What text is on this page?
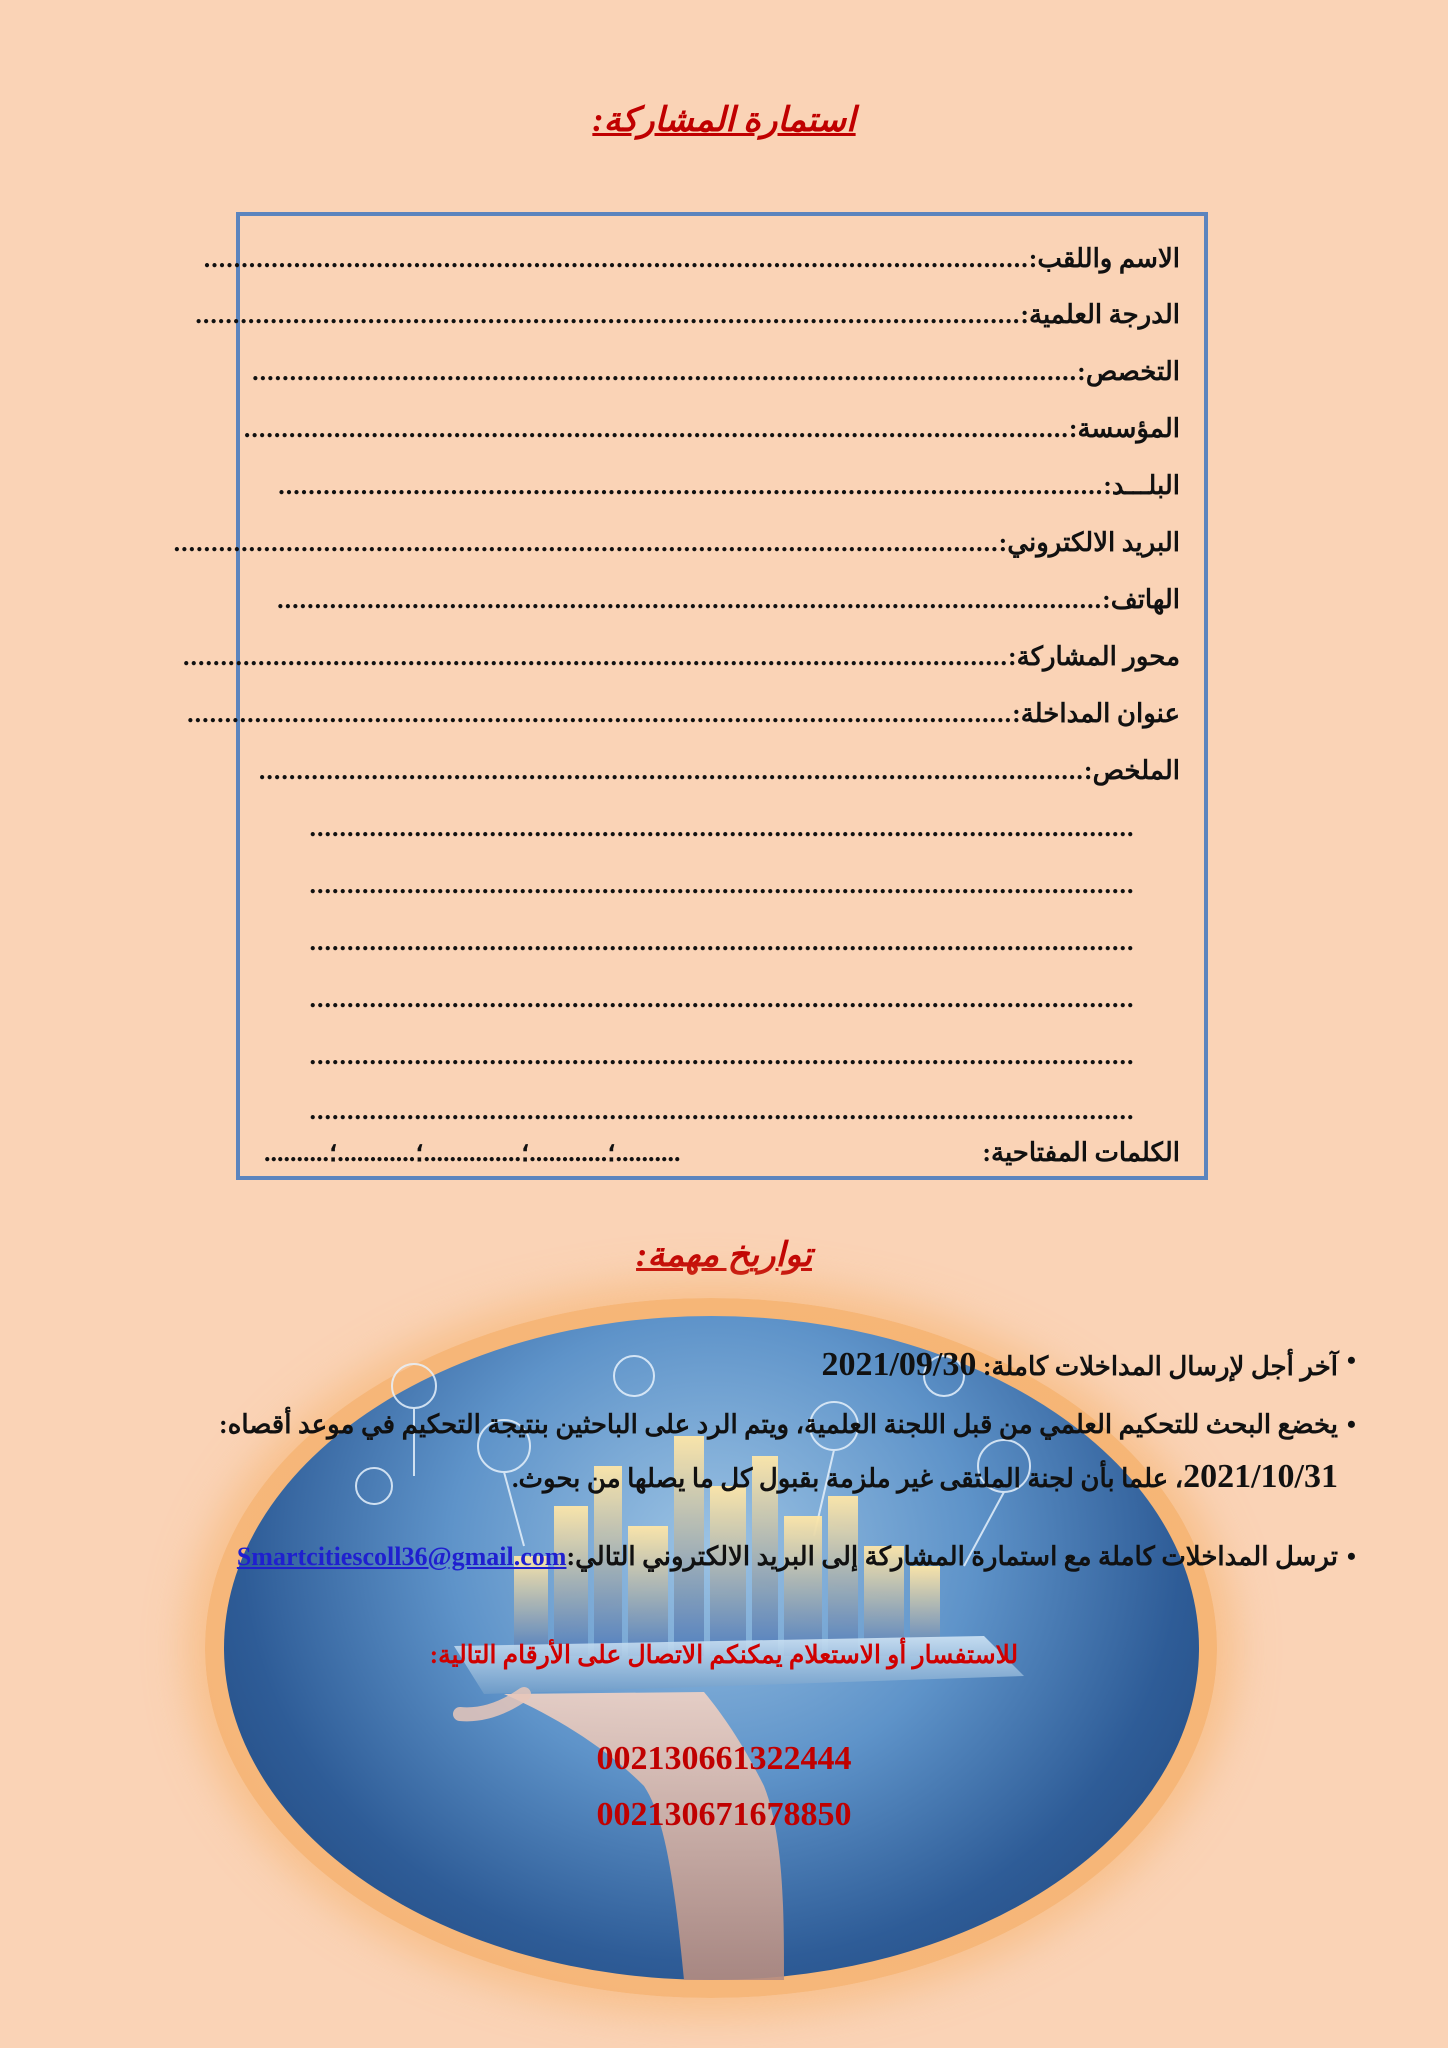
استمارة المشاركة:
الاسم واللقب:
..............................................................................................................
الدرجة العلمية:
..............................................................................................................
التخصص:
..............................................................................................................
المؤسسة:
..............................................................................................................
البلـــد:
..............................................................................................................
البريد الالكتروني:
..............................................................................................................
الهاتف:
..............................................................................................................
محور المشاركة:
..............................................................................................................
عنوان المداخلة:
..............................................................................................................
الملخص:
..............................................................................................................
..............................................................................................................
..............................................................................................................
..............................................................................................................
..............................................................................................................
..............................................................................................................
..............................................................................................................
الكلمات المفتاحية:
..........؛............؛...............؛............؛..........
تواريخ مهمة:
• آخر أجل لإرسال المداخلات كاملة: 2021/09/30
• يخضع البحث للتحكيم العلمي من قبل اللجنة العلمية، ويتم الرد على الباحثين بنتيجة التحكيم في موعد أقصاه:
2021/10/31، علما بأن لجنة الملتقى غير ملزمة بقبول كل ما يصلها من بحوث.
• ترسل المداخلات كاملة مع استمارة المشاركة إلى البريد الالكتروني التالي:Smartcitiescoll36@gmail.com
للاستفسار أو الاستعلام يمكنكم الاتصال على الأرقام التالية:
002130661322444
002130671678850
